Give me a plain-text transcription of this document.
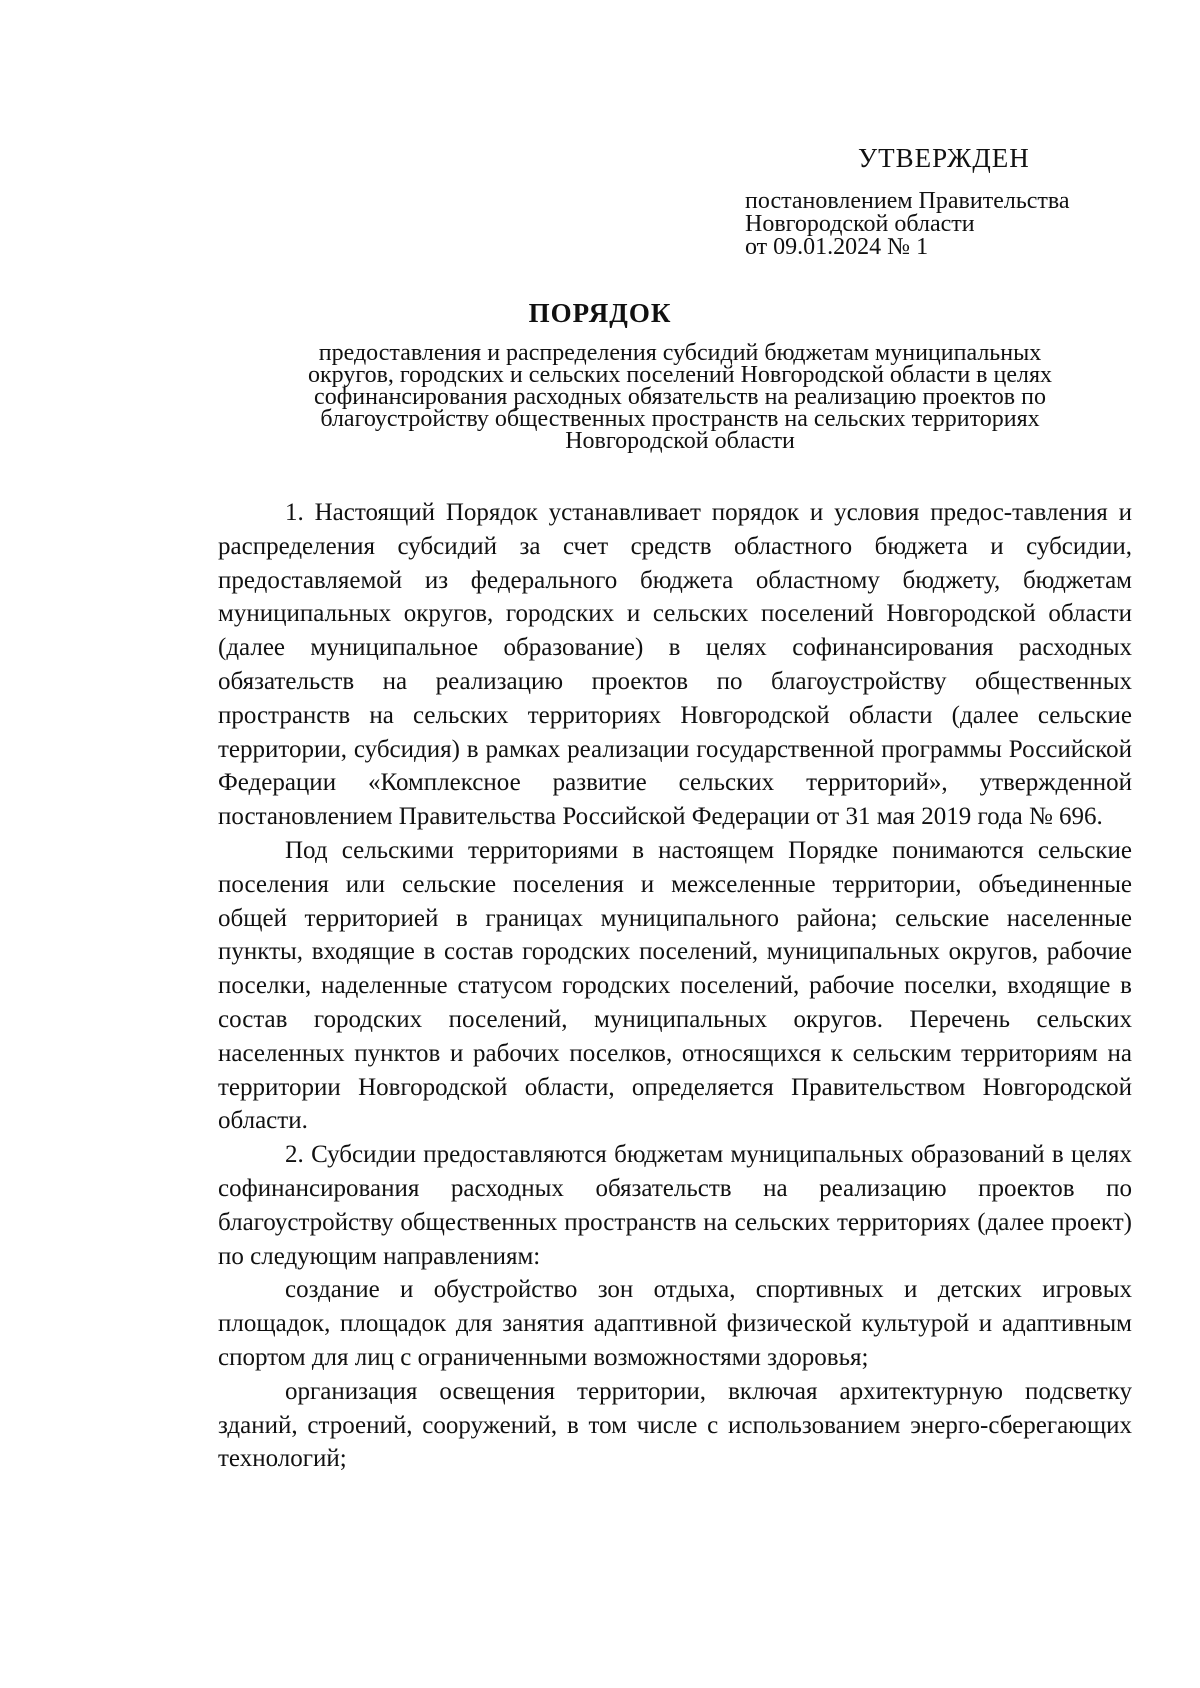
УТВЕРЖДЕН
постановлением Правительства
Новгородской области
от 09.01.2024 № 1
ПОРЯДОК
предоставления и распределения субсидий бюджетам муниципальных
округов, городских и сельских поселений Новгородской области в целях
софинансирования расходных обязательств на реализацию проектов по
благоустройству общественных пространств на сельских территориях
Новгородской области

1. Настоящий Порядок устанавливает порядок и условия предос-тавления и распределения субсидий за счет средств областного бюджета и субсидии, предоставляемой из федерального бюджета областному бюджету, бюджетам муниципальных округов, городских и сельских поселений Новгородской области (далее муниципальное образование) в целях софинансирования расходных обязательств на реализацию проектов по благоустройству общественных пространств на сельских территориях Новгородской области (далее сельские территории, субсидия) в рамках реализации государственной программы Российской Федерации «Комплексное развитие сельских территорий», утвержденной постановлением Правительства Российской Федерации от 31 мая 2019 года № 696.

Под сельскими территориями в настоящем Порядке понимаются сельские поселения или сельские поселения и межселенные территории, объединенные общей территорией в границах муниципального района; сельские населенные пункты, входящие в состав городских поселений, муниципальных округов, рабочие поселки, наделенные статусом городских поселений, рабочие поселки, входящие в состав городских поселений, муниципальных округов. Перечень сельских населенных пунктов и рабочих поселков, относящихся к сельским территориям на территории Новгородской области, определяется Правительством Новгородской области.

2. Субсидии предоставляются бюджетам муниципальных образований в целях софинансирования расходных обязательств на реализацию проектов по благоустройству общественных пространств на сельских территориях (далее проект) по следующим направлениям:

создание и обустройство зон отдыха, спортивных и детских игровых площадок, площадок для занятия адаптивной физической культурой и адаптивным спортом для лиц с ограниченными возможностями здоровья;

организация освещения территории, включая архитектурную подсветку зданий, строений, сооружений, в том числе с использованием энерго-сберегающих технологий;
